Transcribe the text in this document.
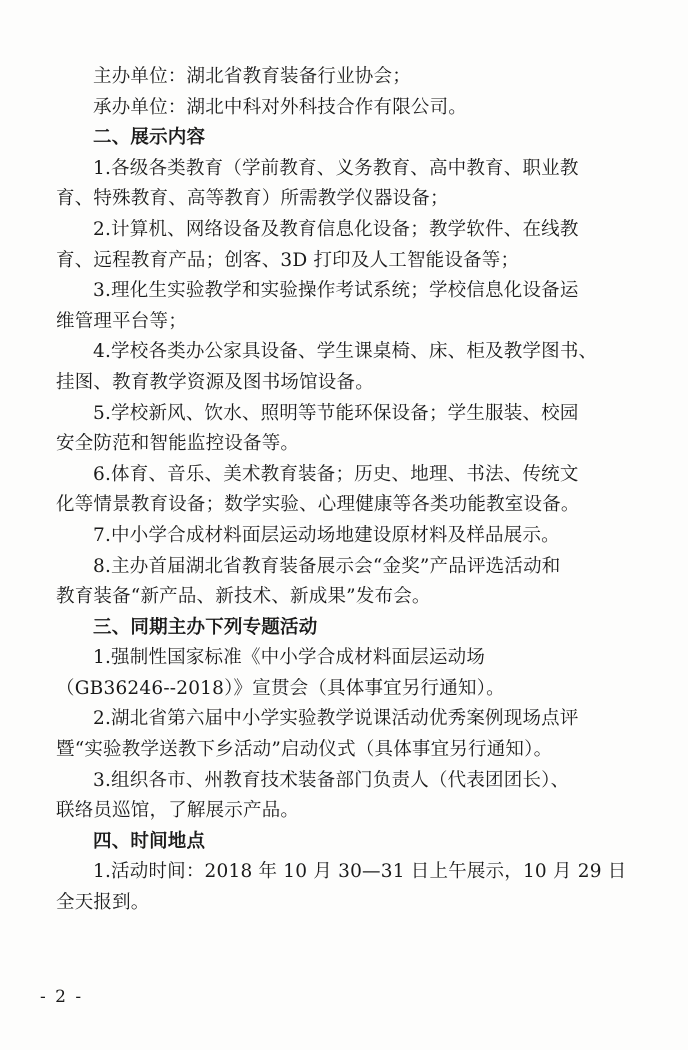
主办单位：湖北省教育装备行业协会；
承办单位：湖北中科对外科技合作有限公司。
二、展示内容
1.各级各类教育（学前教育、义务教育、高中教育、职业教
育、特殊教育、高等教育）所需教学仪器设备；
2.计算机、网络设备及教育信息化设备；教学软件、在线教
育、远程教育产品；创客、3D 打印及人工智能设备等；
3.理化生实验教学和实验操作考试系统；学校信息化设备运
维管理平台等；
4.学校各类办公家具设备、学生课桌椅、床、柜及教学图书、
挂图、教育教学资源及图书场馆设备。
5.学校新风、饮水、照明等节能环保设备；学生服装、校园
安全防范和智能监控设备等。
6.体育、音乐、美术教育装备；历史、地理、书法、传统文
化等情景教育设备；数学实验、心理健康等各类功能教室设备。
7.中小学合成材料面层运动场地建设原材料及样品展示。
8.主办首届湖北省教育装备展示会“金奖”产品评选活动和
教育装备“新产品、新技术、新成果”发布会。
三、同期主办下列专题活动
1.强制性国家标准《中小学合成材料面层运动场
（GB36246--2018）》宣贯会（具体事宜另行通知）。
2.湖北省第六届中小学实验教学说课活动优秀案例现场点评
暨“实验教学送教下乡活动”启动仪式（具体事宜另行通知）。
3.组织各市、州教育技术装备部门负责人（代表团团长）、
联络员巡馆，了解展示产品。
四、时间地点
1.活动时间：2018 年 10 月 30—31 日上午展示，10 月 29 日
全天报到。
- 2 -
